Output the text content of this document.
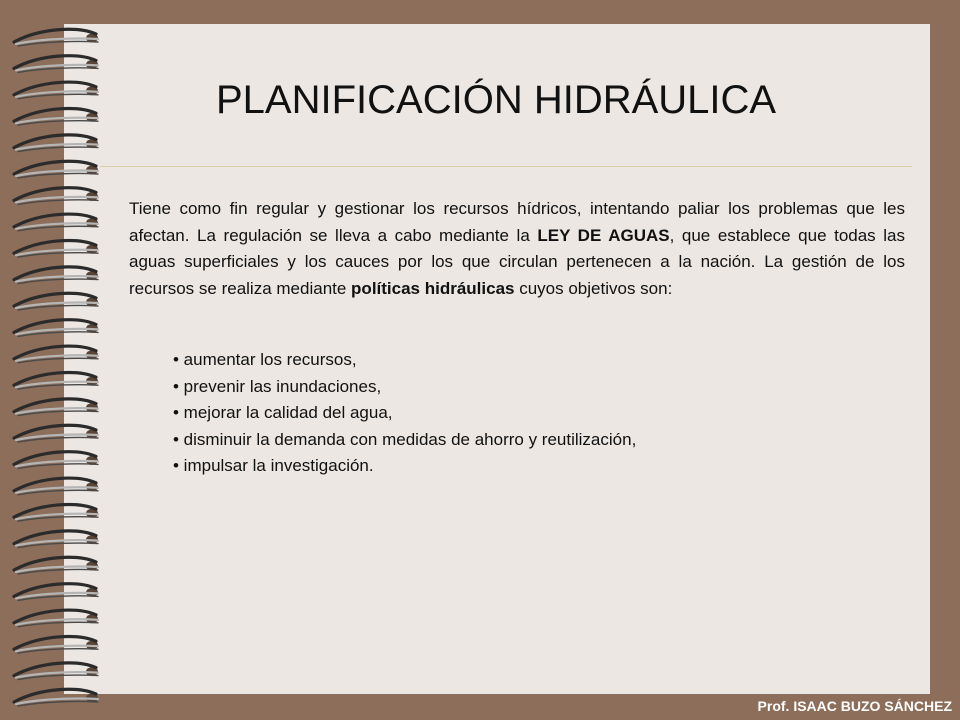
PLANIFICACIÓN HIDRÁULICA

Tiene como fin regular y gestionar los recursos hídricos, intentando paliar los problemas que les afectan. La regulación se lleva a cabo mediante la LEY DE AGUAS, que establece que todas las aguas superficiales y los cauces por los que circulan pertenecen a la nación. La gestión de los recursos se realiza mediante políticas hidráulicas cuyos objetivos son:

• aumentar los recursos,
• prevenir las inundaciones,
• mejorar la calidad del agua,
• disminuir la demanda con medidas de ahorro y reutilización,
• impulsar la investigación.
Prof. ISAAC BUZO SÁNCHEZ
